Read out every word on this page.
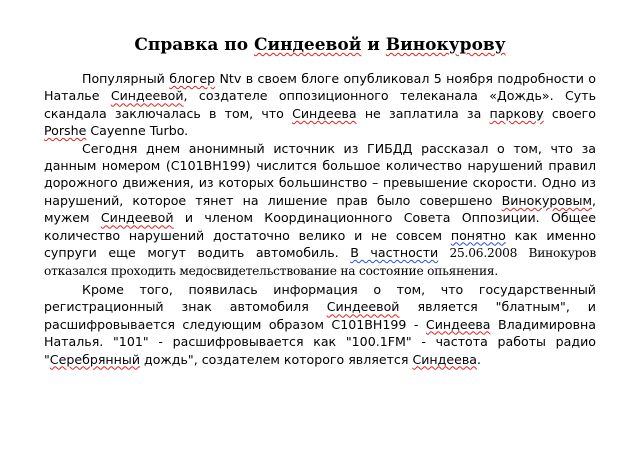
Справка по Синдеевой и Винокурову

Популярный блогер Ntv в своем блоге опубликовал 5 ноября подробности о Наталье Синдеевой, создателе оппозиционного телеканала «Дождь». Суть скандала заключалась в том, что Синдеева не заплатила за паркову своего Porshe Cayenne Turbo.

Сегодня днем анонимный источник из ГИБДД рассказал о том, что за данным номером (С101ВН199) числится большое количество нарушений правил дорожного движения, из которых большинство – превышение скорости. Одно из нарушений, которое тянет на лишение прав было совершено Винокуровым, мужем Синдеевой и членом Координационного Совета Оппозиции. Общее количество нарушений достаточно велико и не совсем понятно как именно супруги еще могут водить автомобиль. В частности 25.06.2008 Винокуров отказался проходить медосвидетельствование на состояние опьянения.

Кроме того, появилась информация о том, что государственный регистрационный знак автомобиля Синдеевой является "блатным", и расшифровывается следующим образом С101ВН199 - Синдеева Владимировна Наталья. "101" - расшифровывается как "100.1FM" - частота работы радио "Серебрянный дождь", создателем которого является Синдеева.
